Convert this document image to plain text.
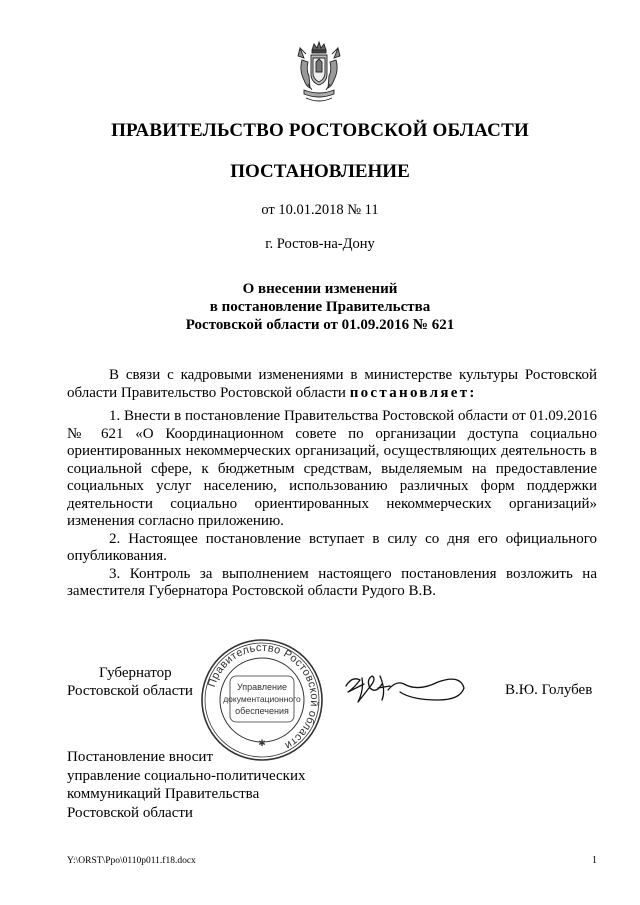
ПРАВИТЕЛЬСТВО РОСТОВСКОЙ ОБЛАСТИ
ПОСТАНОВЛЕНИЕ
от 10.01.2018 № 11
г. Ростов-на-Дону
О внесении изменений
в постановление Правительства
Ростовской области от 01.09.2016 № 621

В связи с кадровыми изменениями в министерстве культуры Ростовской области Правительство Ростовской области постановляет:

1. Внести в постановление Правительства Ростовской области от 01.09.2016 № 621 «О Координационном совете по организации доступа социально ориентированных некоммерческих организаций, осуществляющих деятельность в социальной сфере, к бюджетным средствам, выделяемым на предоставление социальных услуг населению, использованию различных форм поддержки деятельности социально ориентированных некоммерческих организаций» изменения согласно приложению.

2. Настоящее постановление вступает в силу со дня его официального опубликования.

3. Контроль за выполнением настоящего постановления возложить на заместителя Губернатора Ростовской области Рудого В.В.

Губернатор
Ростовской области
Правительство Ростовской области
✱
Управление
документационного
обеспечения
В.Ю. Голубев
Постановление вносит
управление социально-политических
коммуникаций Правительства
Ростовской области
Y:\ORST\Ppo\0110p011.f18.docx	1
